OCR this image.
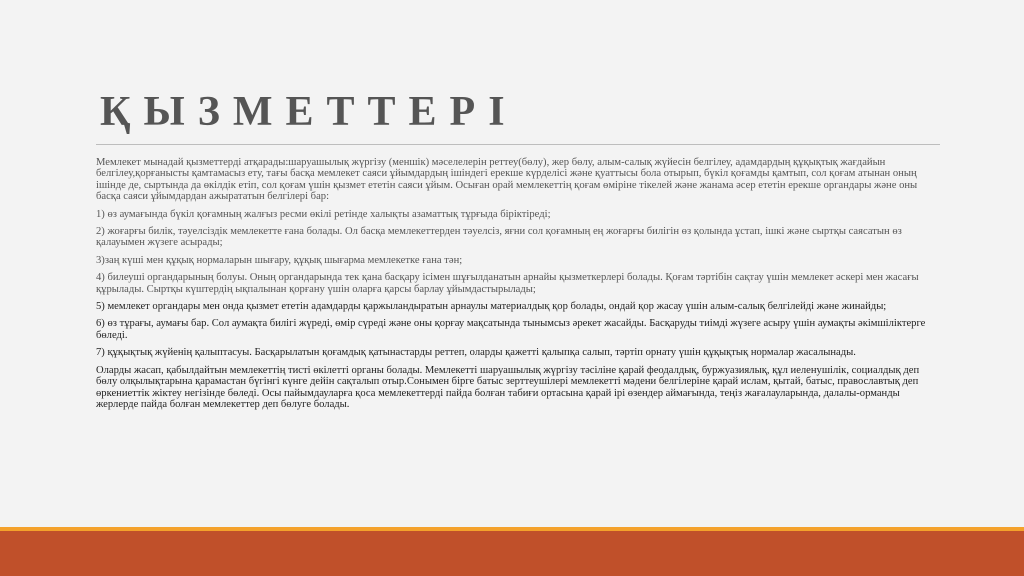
ҚЫЗМЕТТЕРІ

Мемлекет мынадай қызметтерді атқарады:шаруашылық жүргізу (меншік) мәселелерін реттеу(бөлу), жер бөлу, алым-салық жүйесін белгілеу, адамдардың құқықтық жағдайын белгілеу,қорғанысты қамтамасыз ету, тағы басқа мемлекет саяси ұйымдардың ішіндегі ерекше күрделісі және қуаттысы бола отырып, бүкіл қоғамды қамтып, сол қоғам атынан оның ішінде де, сыртында да өкілдік етіп, сол қоғам үшін қызмет ететін саяси ұйым. Осыған орай мемлекеттің қоғам өміріне тікелей және жанама әсер ететін ерекше органдары және оны басқа саяси ұйымдардан ажырататын белгілері бар:

1) өз аумағында бүкіл қоғамның жалғыз ресми өкілі ретінде халықты азаматтық тұрғыда біріктіреді;

2) жоғарғы билік, тәуелсіздік мемлекетте ғана болады. Ол басқа мемлекеттерден тәуелсіз, яғни сол қоғамның ең жоғарғы билігін өз қолында ұстап, ішкі және сыртқы саясатын өз қалауымен жүзеге асырады;

3)заң күші мен құқық нормаларын шығару, құқық шығарма мемлекетке ғана тән;

4) билеуші органдарының болуы. Оның органдарында тек қана басқару ісімен шұғылданатын арнайы қызметкерлері болады. Қоғам тәртібін сақтау үшін мемлекет әскері мен жасағы құрылады. Сыртқы күштердің ықпалынан қорғану үшін оларға қарсы барлау ұйымдастырылады;

5) мемлекет органдары мен онда қызмет ететін адамдарды қаржыландыратын арнаулы материалдық қор болады, ондай қор жасау үшін алым-салық белгілейді және жинайды;

6) өз тұрағы, аумағы бар. Сол аумақта билігі жүреді, өмір сүреді және оны қорғау мақсатында тынымсыз әрекет жасайды. Басқаруды тиімді жүзеге асыру үшін аумақты әкімшіліктерге бөледі.

7) құқықтық жүйенің қалыптасуы. Басқарылатын қоғамдық қатынастарды реттеп, оларды қажетті қалыпқа салып, тәртіп орнату үшін құқықтық нормалар жасалынады.

Оларды жасап, қабылдайтын мемлекеттің тисті өкілетті органы болады. Мемлекетті шаруашылық жүргізу тәсіліне қарай феодалдық, буржуазиялық, құл иеленушілік, социалдық деп бөлу олқылықтарына қарамастан бүгінгі күнге дейін сақталып отыр.Сонымен бірге батыс зерттеушілері мемлекетті мәдени белгілеріне қарай ислам, қытай, батыс, православтық деп өркениеттік жіктеу негізінде бөледі. Осы пайымдауларға қоса мемлекеттерді пайда болған табиғи ортасына қарай ірі өзендер аймағында, теңіз жағалауларында, далалы-орманды жерлерде пайда болған мемлекеттер деп бөлуге болады.
